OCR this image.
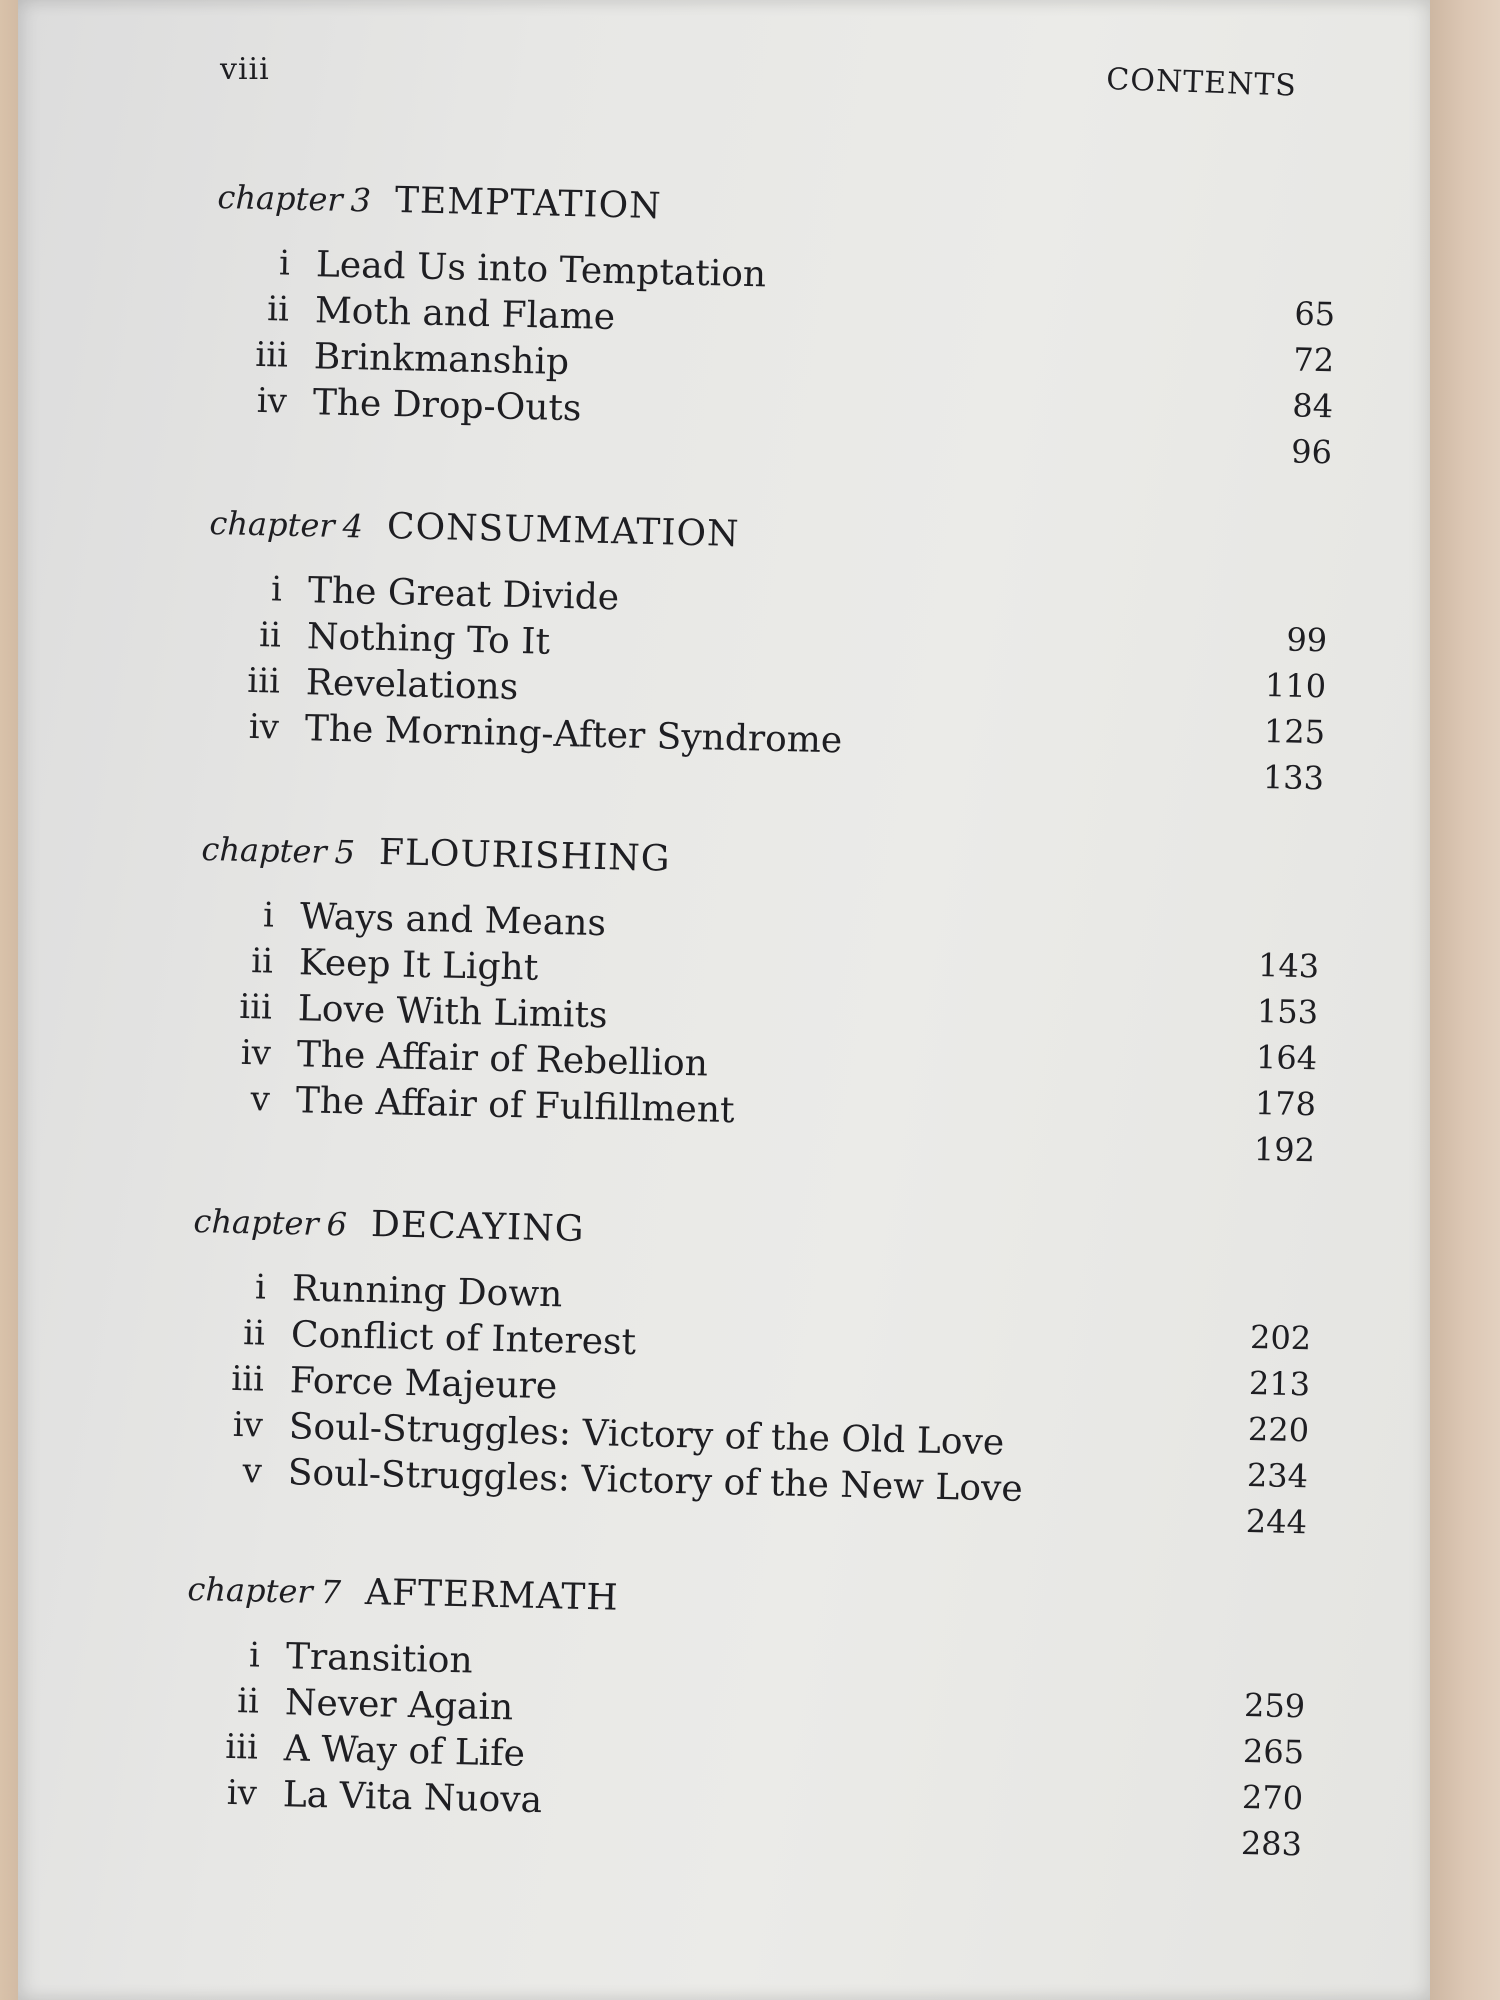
viii	CONTENTS
chapter 3 TEMPTATION
i Lead Us into Temptation
65
ii Moth and Flame
72
iii Brinkmanship
84
iv The Drop-Outs
96
chapter 4 CONSUMMATION
i The Great Divide
99
ii Nothing To It
110
iii Revelations
125
iv The Morning-After Syndrome
133
chapter 5 FLOURISHING
i Ways and Means
143
ii Keep It Light
153
iii Love With Limits
164
iv The Affair of Rebellion
178
v The Affair of Fulfillment
192
chapter 6 DECAYING
i Running Down
202
ii Conflict of Interest
213
iii Force Majeure
220
iv Soul-Struggles: Victory of the Old Love
234
v Soul-Struggles: Victory of the New Love
244
chapter 7 AFTERMATH
i Transition
259
ii Never Again
265
iii A Way of Life
270
iv La Vita Nuova
283
